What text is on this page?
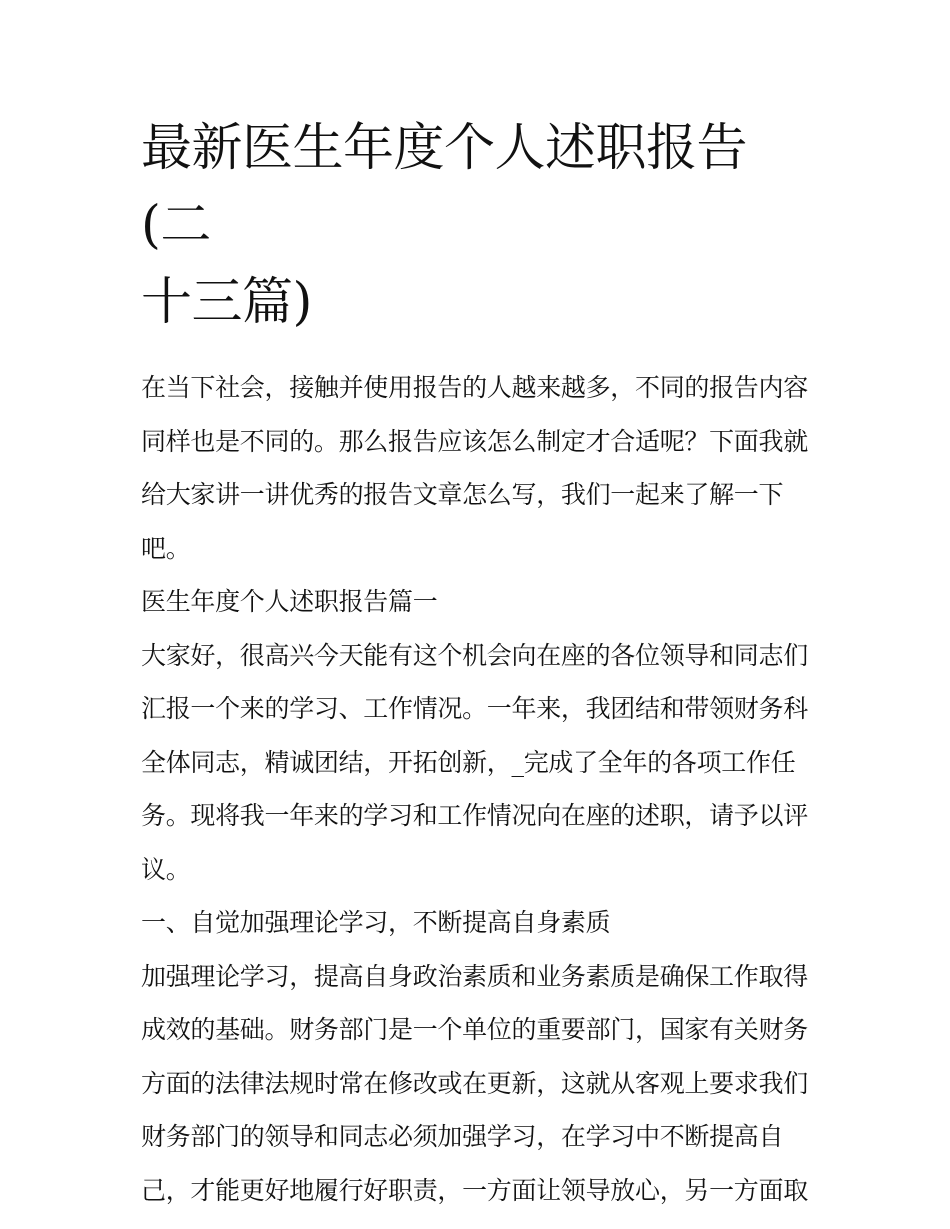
最新医生年度个人述职报告(二
十三篇)

在当下社会，接触并使用报告的人越来越多，不同的报告内容

同样也是不同的。那么报告应该怎么制定才合适呢？下面我就

给大家讲一讲优秀的报告文章怎么写，我们一起来了解一下

吧。

医生年度个人述职报告篇一

大家好，很高兴今天能有这个机会向在座的各位领导和同志们

汇报一个来的学习、工作情况。一年来，我团结和带领财务科

全体同志，精诚团结，开拓创新，_完成了全年的各项工作任

务。现将我一年来的学习和工作情况向在座的述职，请予以评

议。

一、自觉加强理论学习，不断提高自身素质

加强理论学习，提高自身政治素质和业务素质是确保工作取得

成效的基础。财务部门是一个单位的重要部门，国家有关财务

方面的法律法规时常在修改或在更新，这就从客观上要求我们

财务部门的领导和同志必须加强学习，在学习中不断提高自

己，才能更好地履行好职责，一方面让领导放心，另一方面取
